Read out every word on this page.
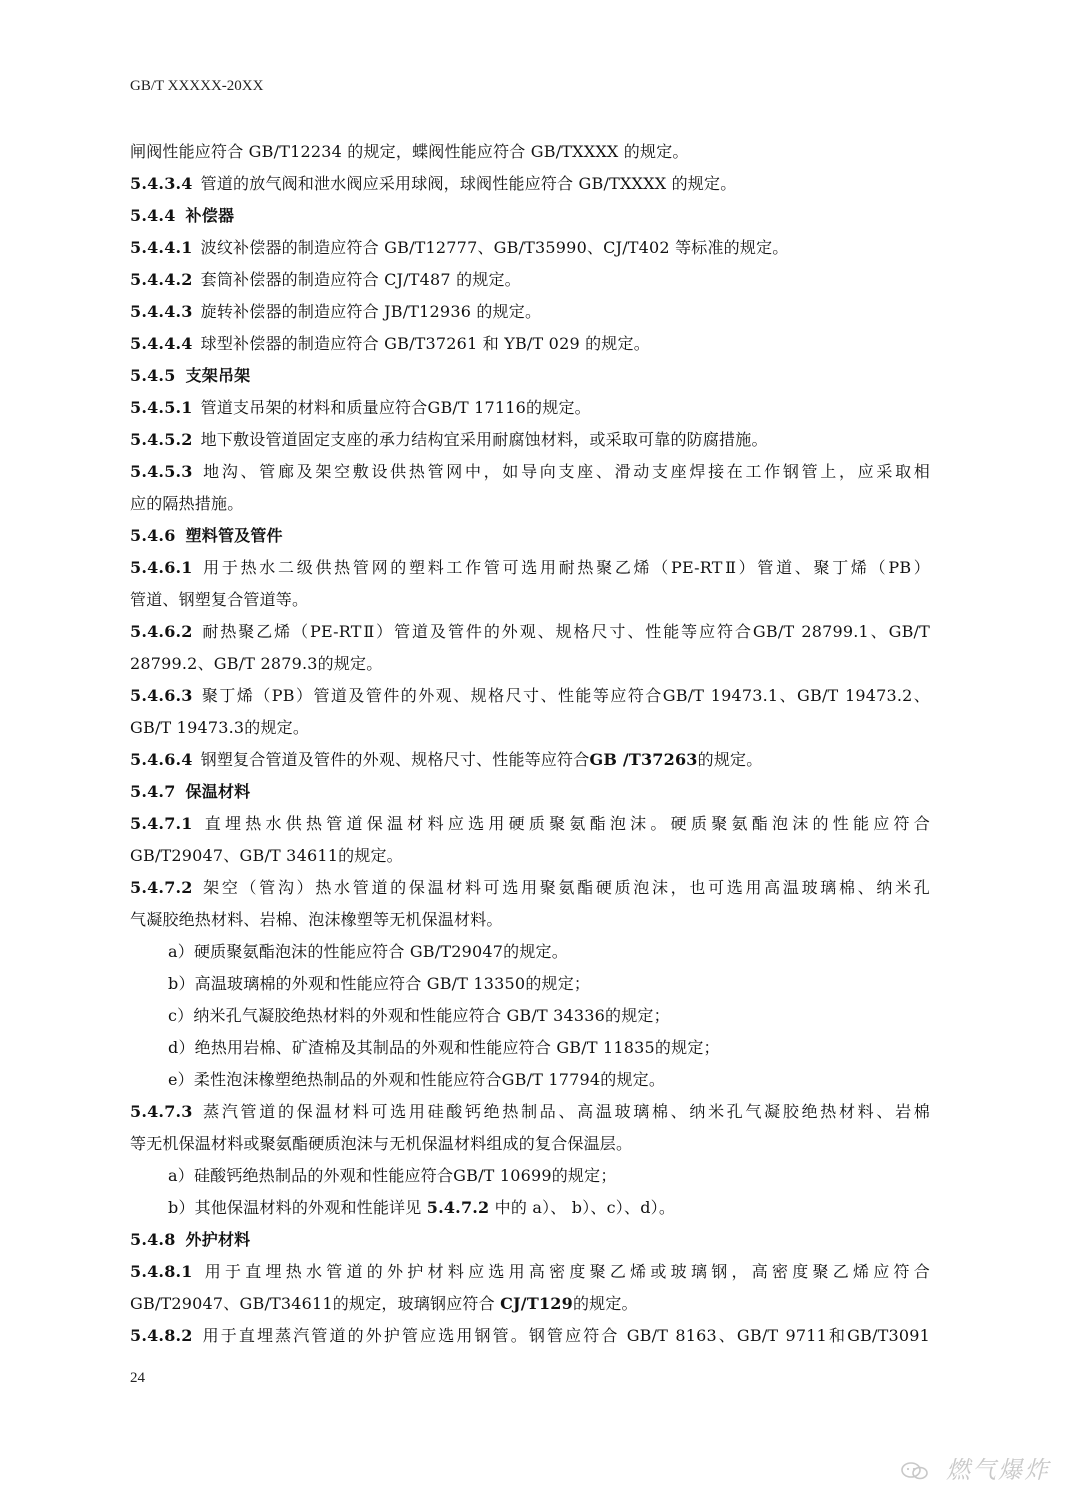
GB/T XXXXX-20XX
闸阀性能应符合 GB/T12234 的规定，蝶阀性能应符合 GB/TXXXX 的规定。
5.4.3.4 管道的放气阀和泄水阀应采用球阀，球阀性能应符合 GB/TXXXX 的规定。
5.4.4 补偿器
5.4.4.1 波纹补偿器的制造应符合 GB/T12777、GB/T35990、CJ/T402 等标准的规定。
5.4.4.2 套筒补偿器的制造应符合 CJ/T487 的规定。
5.4.4.3 旋转补偿器的制造应符合 JB/T12936 的规定。
5.4.4.4 球型补偿器的制造应符合 GB/T37261 和 YB/T 029 的规定。
5.4.5 支架吊架
5.4.5.1 管道支吊架的材料和质量应符合GB/T 17116的规定。
5.4.5.2 地下敷设管道固定支座的承力结构宜采用耐腐蚀材料，或采取可靠的防腐措施。
5.4.5.3 地沟、管廊及架空敷设供热管网中，如导向支座、滑动支座焊接在工作钢管上，应采取相
应的隔热措施。
5.4.6 塑料管及管件
5.4.6.1 用于热水二级供热管网的塑料工作管可选用耐热聚乙烯（PE-RTⅡ）管道、聚丁烯（PB）
管道、钢塑复合管道等。
5.4.6.2 耐热聚乙烯（PE-RTⅡ）管道及管件的外观、规格尺寸、性能等应符合GB/T 28799.1、GB/T
28799.2、GB/T 2879.3的规定。
5.4.6.3 聚丁烯（PB）管道及管件的外观、规格尺寸、性能等应符合GB/T 19473.1、GB/T 19473.2、
GB/T 19473.3的规定。
5.4.6.4 钢塑复合管道及管件的外观、规格尺寸、性能等应符合GB /T37263的规定。
5.4.7 保温材料
5.4.7.1 直埋热水供热管道保温材料应选用硬质聚氨酯泡沫。硬质聚氨酯泡沫的性能应符合
GB/T29047、GB/T 34611的规定。
5.4.7.2 架空（管沟）热水管道的保温材料可选用聚氨酯硬质泡沫，也可选用高温玻璃棉、纳米孔
气凝胶绝热材料、岩棉、泡沫橡塑等无机保温材料。
a）硬质聚氨酯泡沫的性能应符合 GB/T29047的规定。
b）高温玻璃棉的外观和性能应符合 GB/T 13350的规定；
c）纳米孔气凝胶绝热材料的外观和性能应符合 GB/T 34336的规定；
d）绝热用岩棉、矿渣棉及其制品的外观和性能应符合 GB/T 11835的规定；
e）柔性泡沫橡塑绝热制品的外观和性能应符合GB/T 17794的规定。
5.4.7.3 蒸汽管道的保温材料可选用硅酸钙绝热制品、高温玻璃棉、纳米孔气凝胶绝热材料、岩棉
等无机保温材料或聚氨酯硬质泡沫与无机保温材料组成的复合保温层。
a）硅酸钙绝热制品的外观和性能应符合GB/T 10699的规定；
b）其他保温材料的外观和性能详见 5.4.7.2 中的 a）、 b）、c）、d）。
5.4.8 外护材料
5.4.8.1 用于直埋热水管道的外护材料应选用高密度聚乙烯或玻璃钢，高密度聚乙烯应符合
GB/T29047、GB/T34611的规定，玻璃钢应符合 CJ/T129的规定。
5.4.8.2 用于直埋蒸汽管道的外护管应选用钢管。钢管应符合 GB/T 8163、GB/T 9711和GB/T3091
24
燃气爆炸
